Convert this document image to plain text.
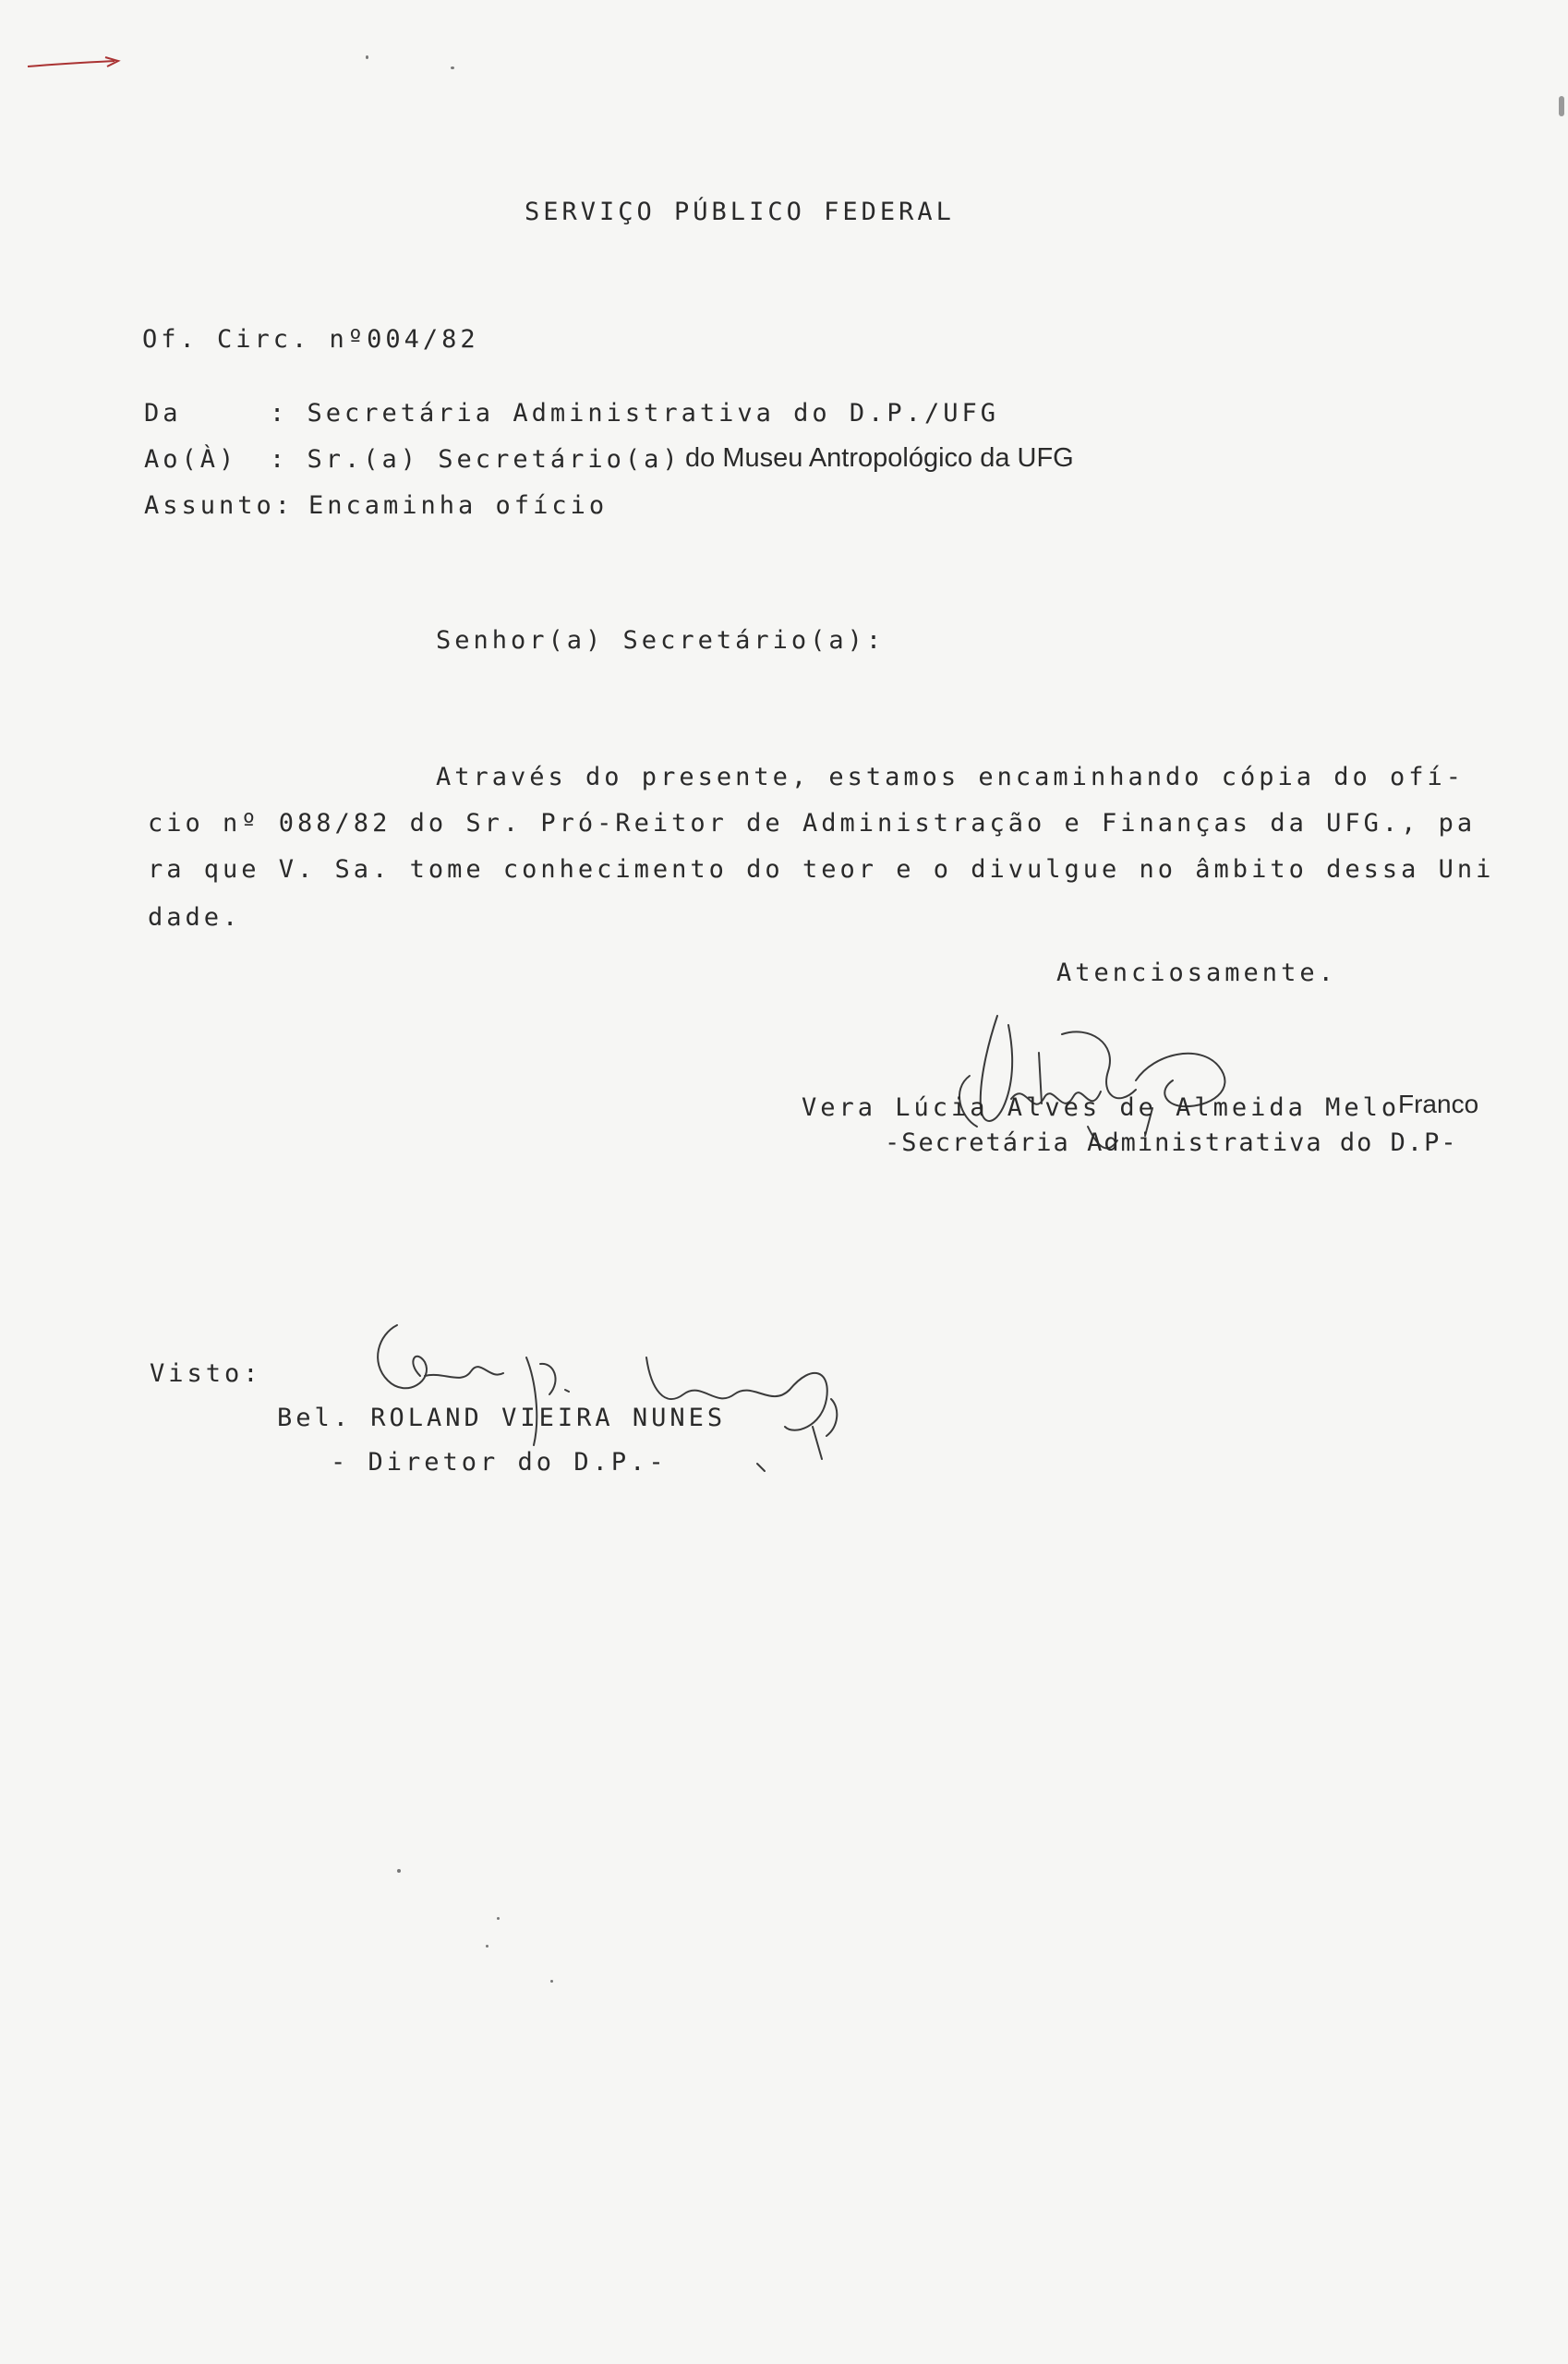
SERVIÇO PÚBLICO FEDERAL
Of. Circ. nº004/82
Da	: Secretária Administrativa do D.P./UFG
Ao(À) : Sr.(a) Secretário(a) do Museu Antropológico da UFG
Assunto: Encaminha ofício
Senhor(a) Secretário(a):
Através do presente, estamos encaminhando cópia do ofí-
cio nº 088/82 do Sr. Pró-Reitor de Administração e Finanças da UFG., pa
ra que V. Sa. tome conhecimento do teor e o divulgue no âmbito dessa Uni
dade.
Atenciosamente.
Vera Lúcia Alves de Almeida Melo
Franco
-Secretária Administrativa do D.P-
Visto:
Bel. ROLAND VIEIRA NUNES
- Diretor do D.P.-
